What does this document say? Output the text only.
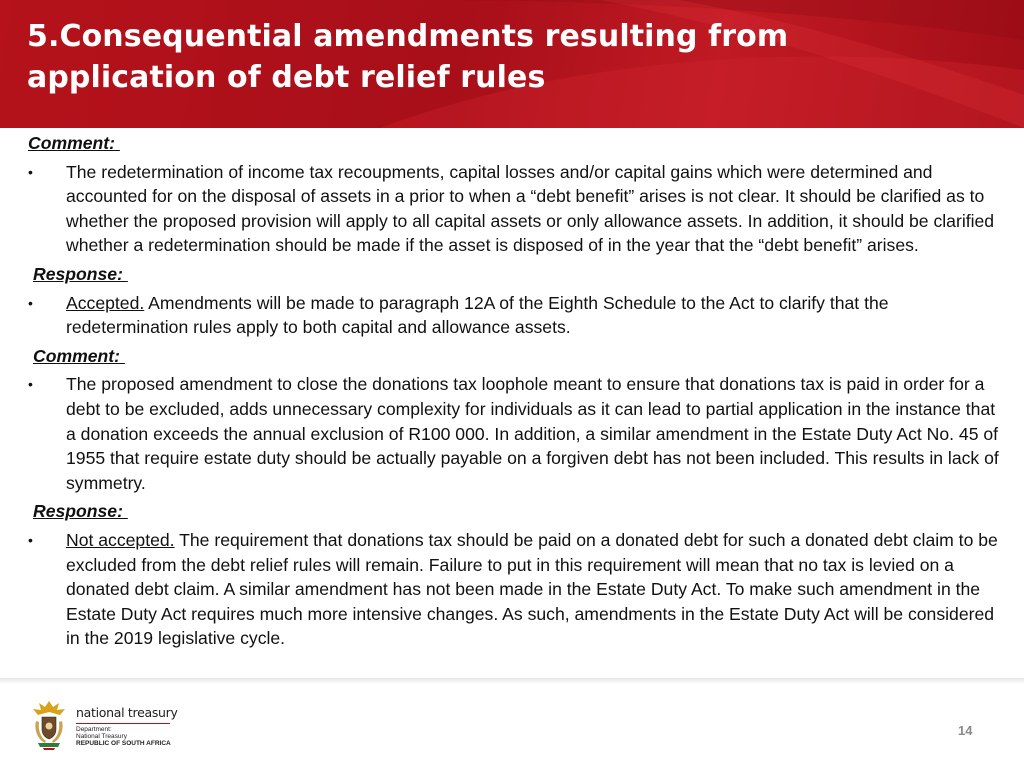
5.Consequential amendments resulting from
application of debt relief rules

Comment:

• The redetermination of income tax recoupments, capital losses and/or capital gains which were determined and accounted for on the disposal of assets in a prior to when a “debt benefit” arises is not clear. It should be clarified as to whether the proposed provision will apply to all capital assets or only allowance assets. In addition, it should be clarified whether a redetermination should be made if the asset is disposed of in the year that the “debt benefit” arises.

Response:

• Accepted. Amendments will be made to paragraph 12A of the Eighth Schedule to the Act to clarify that the redetermination rules apply to both capital and allowance assets.

Comment:

• The proposed amendment to close the donations tax loophole meant to ensure that donations tax is paid in order for a debt to be excluded, adds unnecessary complexity for individuals as it can lead to partial application in the instance that a donation exceeds the annual exclusion of R100 000. In addition, a similar amendment in the Estate Duty Act No. 45 of 1955 that require estate duty should be actually payable on a forgiven debt has not been included. This results in lack of symmetry.

Response:

• Not accepted. The requirement that donations tax should be paid on a donated debt for such a donated debt claim to be excluded from the debt relief rules will remain. Failure to put in this requirement will mean that no tax is levied on a donated debt claim. A similar amendment has not been made in the Estate Duty Act. To make such amendment in the Estate Duty Act requires much more intensive changes. As such, amendments in the Estate Duty Act will be considered in the 2019 legislative cycle.
national treasury
Department:
National Treasury
REPUBLIC OF SOUTH AFRICA
14
